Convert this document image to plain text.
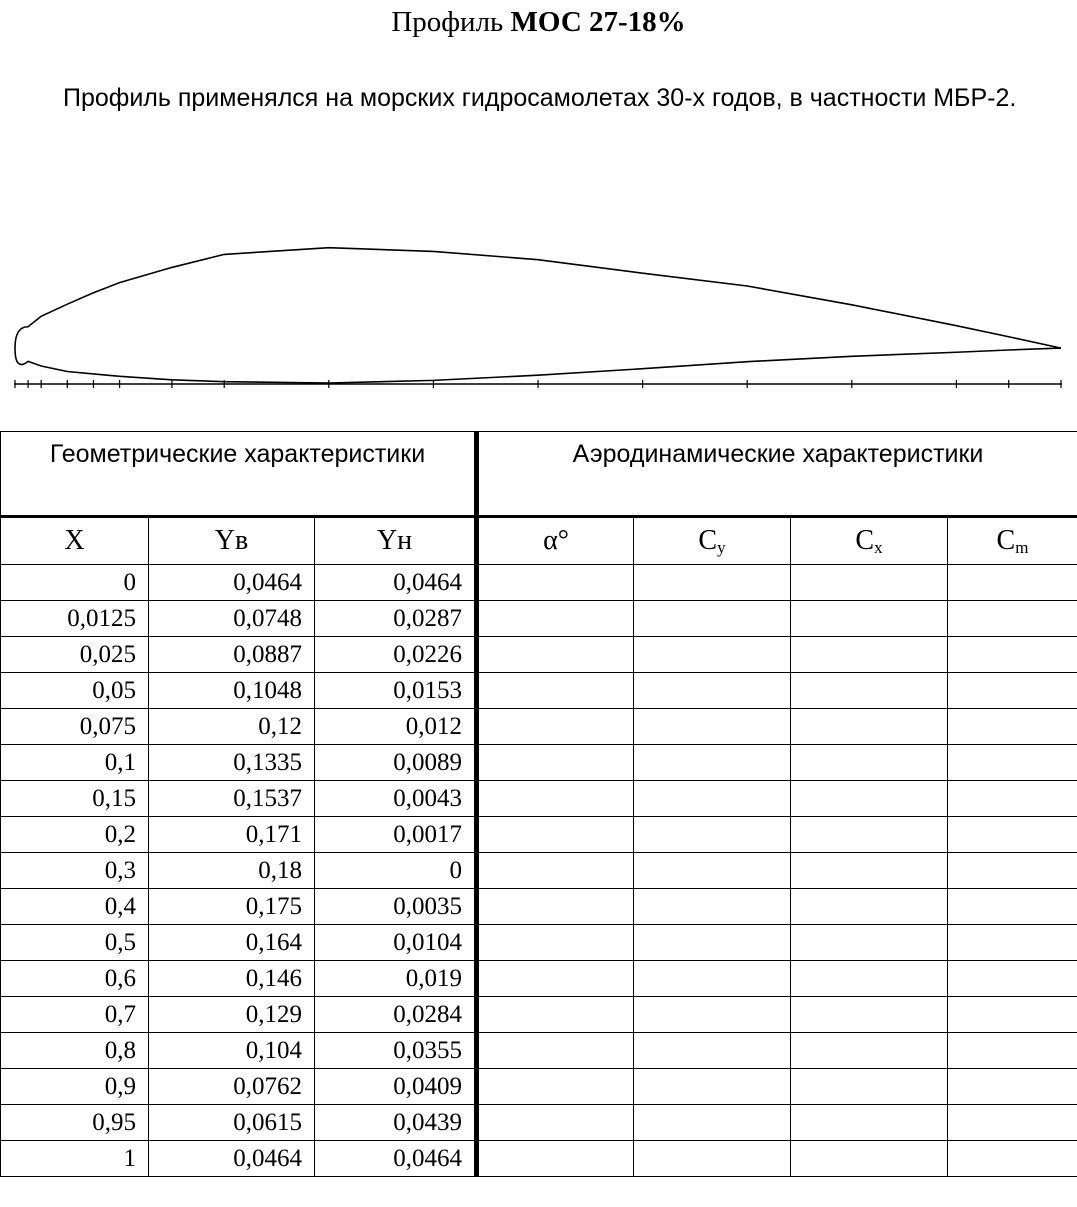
Профиль МОС 27-18%

Профиль применялся на морских гидросамолетах 30-х годов, в частности МБР-2.

Геометрические характеристики			Аэродинамические характеристики			
X	Yв	Yн	α°	$C_y$	$C_x$	$C_m$
0	0,0464	0,0464				
0,0125	0,0748	0,0287				
0,025	0,0887	0,0226				
0,05	0,1048	0,0153				
0,075	0,12	0,012				
0,1	0,1335	0,0089				
0,15	0,1537	0,0043				
0,2	0,171	0,0017				
0,3	0,18	0				
0,4	0,175	0,0035				
0,5	0,164	0,0104				
0,6	0,146	0,019				
0,7	0,129	0,0284				
0,8	0,104	0,0355				
0,9	0,0762	0,0409				
0,95	0,0615	0,0439				
1	0,0464	0,0464				
